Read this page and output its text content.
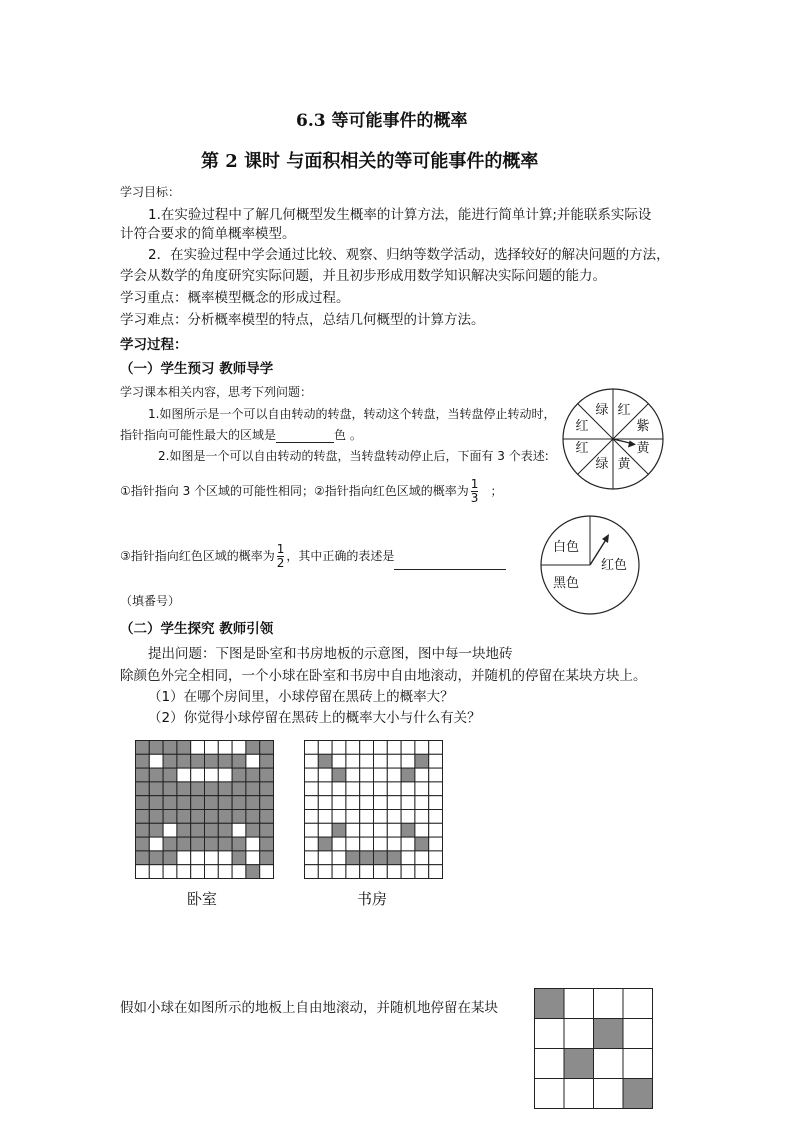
6.3 等可能事件的概率
第 2 课时 与面积相关的等可能事件的概率
学习目标：
1.在实验过程中了解几何概型发生概率的计算方法，能进行简单计算;并能联系实际设
计符合要求的简单概率模型。
2．在实验过程中学会通过比较、观察、归纳等数学活动，选择较好的解决问题的方法，
学会从数学的角度研究实际问题，并且初步形成用数学知识解决实际问题的能力。
学习重点：概率模型概念的形成过程。
学习难点：分析概率模型的特点，总结几何概型的计算方法。
学习过程：
（一）学生预习 教师导学
学习课本相关内容，思考下列问题：
1.如图所示是一个可以自由转动的转盘，转动这个转盘，当转盘停止转动时，
指针指向可能性最大的区域是	色 。
2.如图是一个可以自由转动的转盘，当转盘转动停止后，下面有 3 个表述:
①指针指向 3 个区域的可能性相同；②指针指向红色区域的概率为 $\frac{1}{3}$ ；
③指针指向红色区域的概率为 $\frac{1}{2}$ ，其中正确的表述是
（填番号）
绿 红
紫
黄
黄
绿
红
红
白色
红色
黑色
（二）学生探究 教师引领
提出问题：下图是卧室和书房地板的示意图，图中每一块地砖
除颜色外完全相同，一个小球在卧室和书房中自由地滚动，并随机的停留在某块方块上。
（1）在哪个房间里，小球停留在黑砖上的概率大？
（2）你觉得小球停留在黑砖上的概率大小与什么有关？
卧室	书房
假如小球在如图所示的地板上自由地滚动，并随机地停留在某块
